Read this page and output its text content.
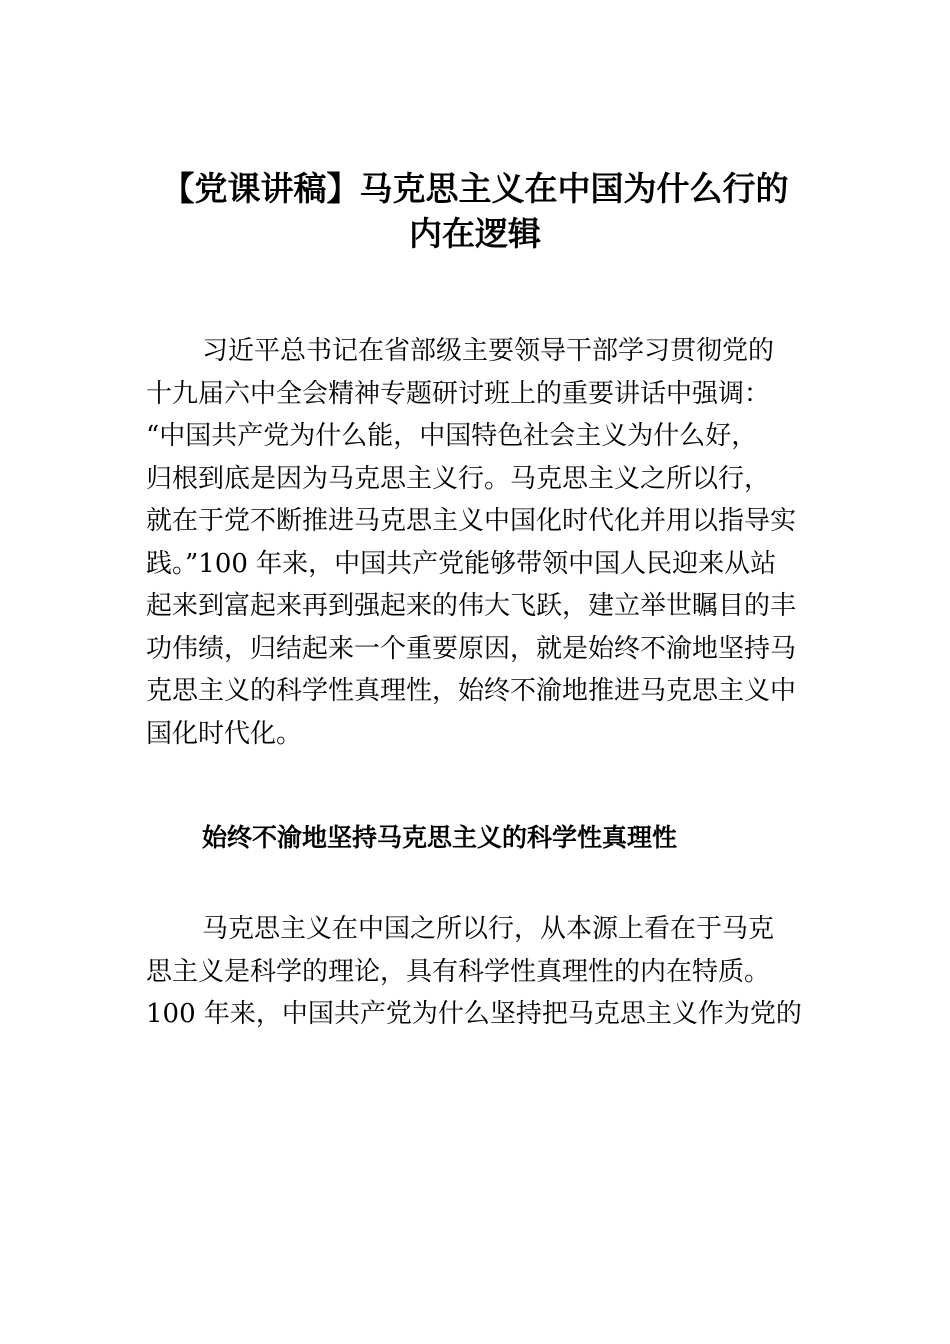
【党课讲稿】马克思主义在中国为什么行的
内在逻辑
习近平总书记在省部级主要领导干部学习贯彻党的
十九届六中全会精神专题研讨班上的重要讲话中强调：
“中国共产党为什么能，中国特色社会主义为什么好，
归根到底是因为马克思主义行。马克思主义之所以行，
就在于党不断推进马克思主义中国化时代化并用以指导实
践。”100 年来，中国共产党能够带领中国人民迎来从站
起来到富起来再到强起来的伟大飞跃，建立举世瞩目的丰
功伟绩，归结起来一个重要原因，就是始终不渝地坚持马
克思主义的科学性真理性，始终不渝地推进马克思主义中
国化时代化。
始终不渝地坚持马克思主义的科学性真理性
马克思主义在中国之所以行，从本源上看在于马克
思主义是科学的理论，具有科学性真理性的内在特质。
100 年来，中国共产党为什么坚持把马克思主义作为党的
